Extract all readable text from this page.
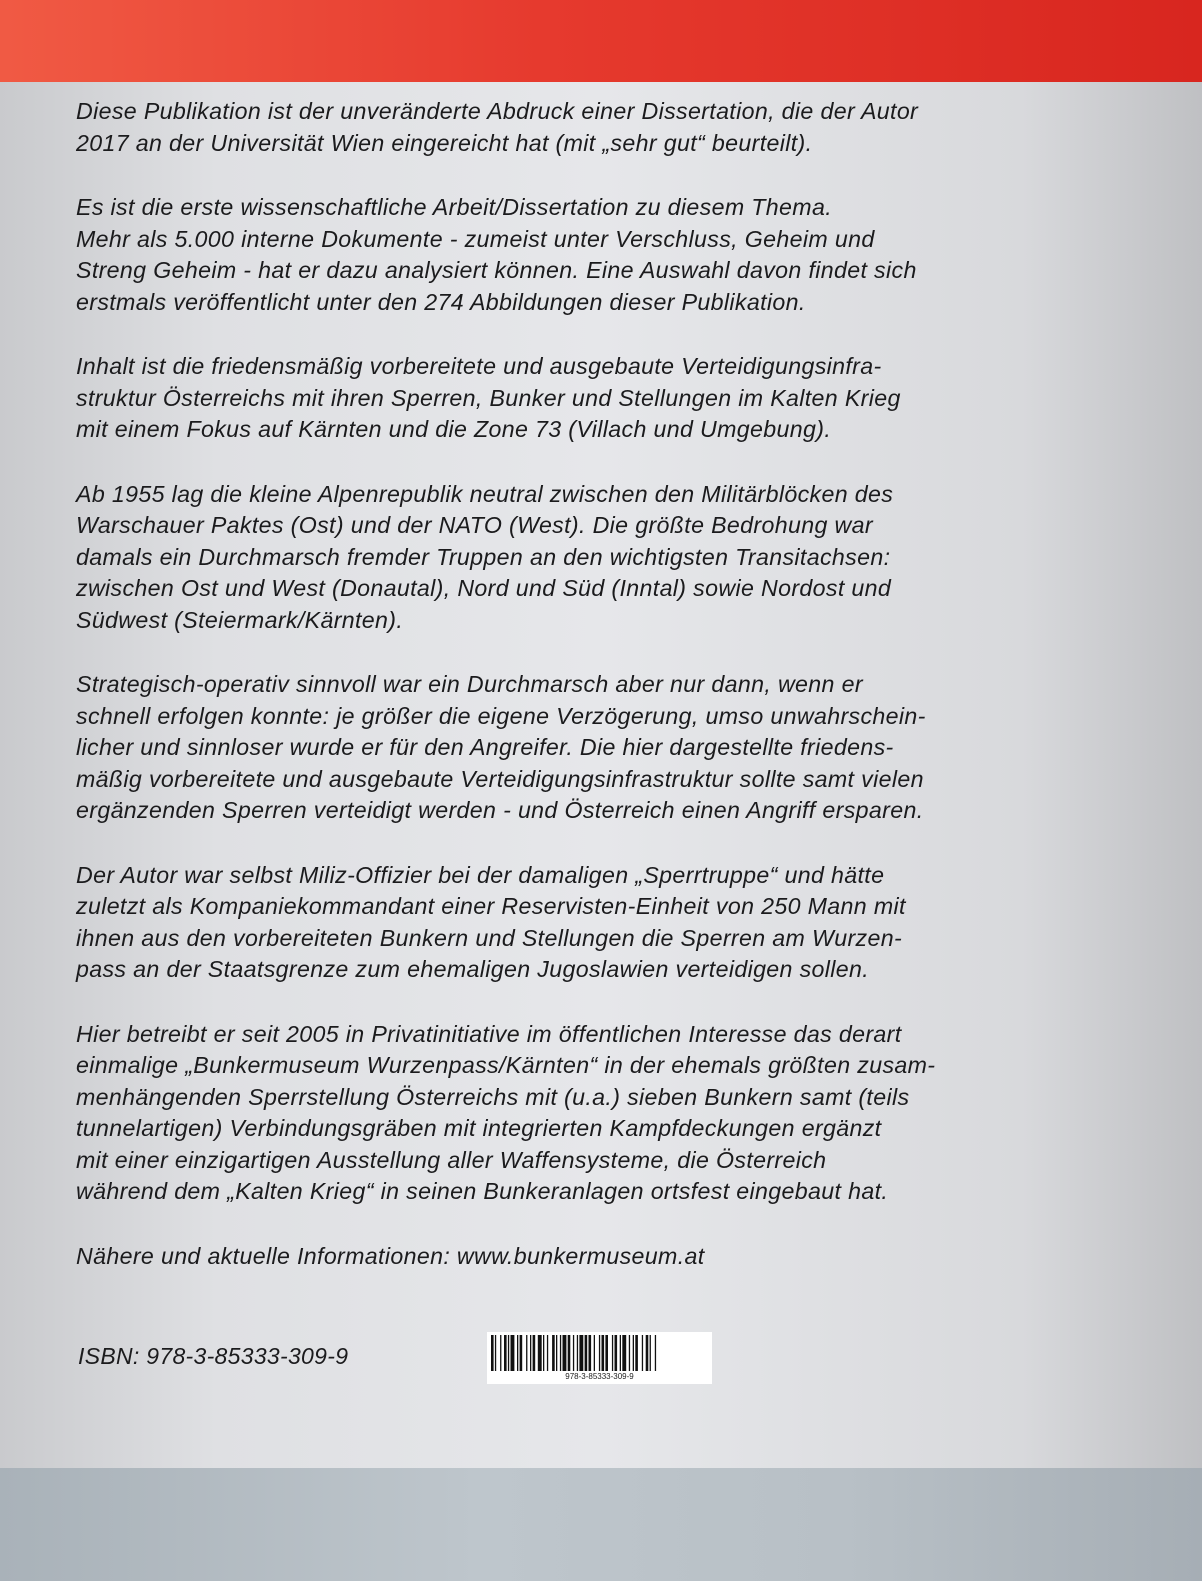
Diese Publikation ist der unveränderte Abdruck einer Dissertation, die der Autor
2017 an der Universität Wien eingereicht hat (mit „sehr gut“ beurteilt).

Es ist die erste wissenschaftliche Arbeit/Dissertation zu diesem Thema.
Mehr als 5.000 interne Dokumente - zumeist unter Verschluss, Geheim und
Streng Geheim - hat er dazu analysiert können. Eine Auswahl davon findet sich
erstmals veröffentlicht unter den 274 Abbildungen dieser Publikation.

Inhalt ist die friedensmäßig vorbereitete und ausgebaute Verteidigungsinfra-
struktur Österreichs mit ihren Sperren, Bunker und Stellungen im Kalten Krieg
mit einem Fokus auf Kärnten und die Zone 73 (Villach und Umgebung).

Ab 1955 lag die kleine Alpenrepublik neutral zwischen den Militärblöcken des
Warschauer Paktes (Ost) und der NATO (West). Die größte Bedrohung war
damals ein Durchmarsch fremder Truppen an den wichtigsten Transitachsen:
zwischen Ost und West (Donautal), Nord und Süd (Inntal) sowie Nordost und
Südwest (Steiermark/Kärnten).

Strategisch-operativ sinnvoll war ein Durchmarsch aber nur dann, wenn er
schnell erfolgen konnte: je größer die eigene Verzögerung, umso unwahrschein-
licher und sinnloser wurde er für den Angreifer. Die hier dargestellte friedens-
mäßig vorbereitete und ausgebaute Verteidigungsinfrastruktur sollte samt vielen
ergänzenden Sperren verteidigt werden - und Österreich einen Angriff ersparen.

Der Autor war selbst Miliz-Offizier bei der damaligen „Sperrtruppe“ und hätte
zuletzt als Kompaniekommandant einer Reservisten-Einheit von 250 Mann mit
ihnen aus den vorbereiteten Bunkern und Stellungen die Sperren am Wurzen-
pass an der Staatsgrenze zum ehemaligen Jugoslawien verteidigen sollen.

Hier betreibt er seit 2005 in Privatinitiative im öffentlichen Interesse das derart
einmalige „Bunkermuseum Wurzenpass/Kärnten“ in der ehemals größten zusam-
menhängenden Sperrstellung Österreichs mit (u.a.) sieben Bunkern samt (teils
tunnelartigen) Verbindungsgräben mit integrierten Kampfdeckungen ergänzt
mit einer einzigartigen Ausstellung aller Waffensysteme, die Österreich
während dem „Kalten Krieg“ in seinen Bunkeranlagen ortsfest eingebaut hat.

Nähere und aktuelle Informationen: www.bunkermuseum.at

ISBN: 978-3-85333-309-9
978-3-85333-309-9
